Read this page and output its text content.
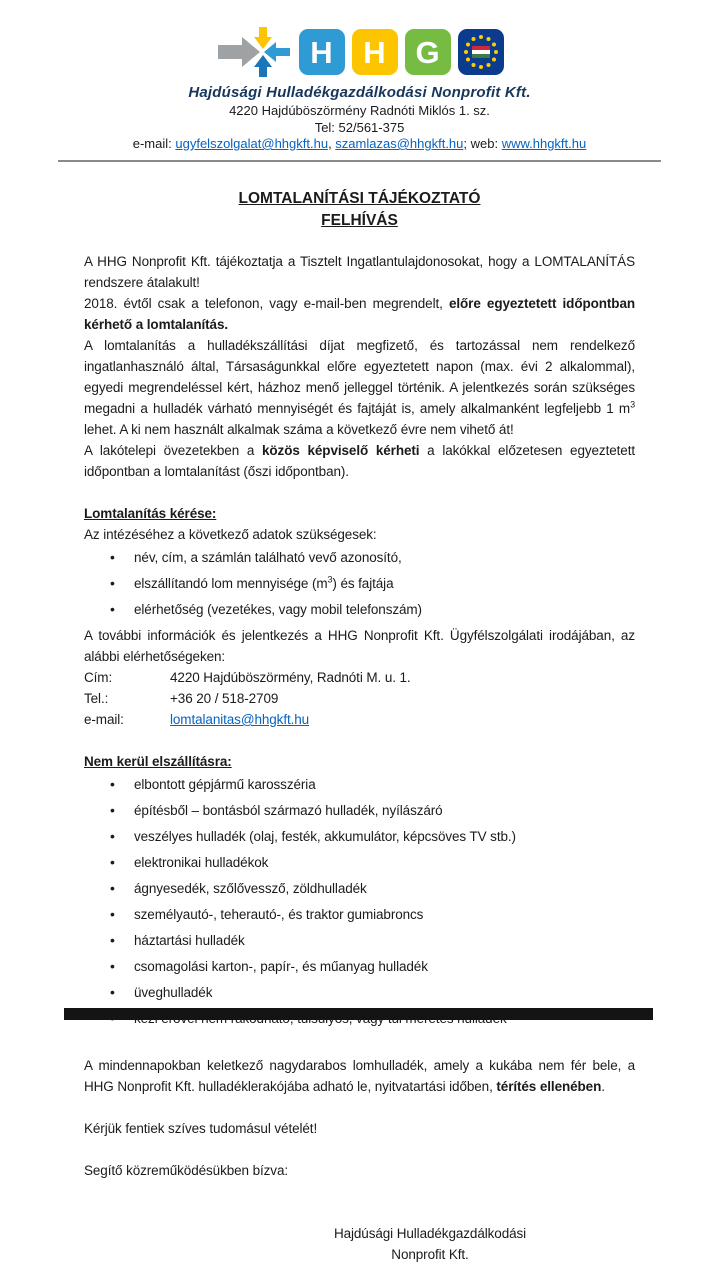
H H G
Hajdúsági Hulladékgazdálkodási Nonprofit Kft.
4220 Hajdúböszörmény Radnóti Miklós 1. sz.
Tel: 52/561-375
e-mail: ugyfelszolgalat@hhgkft.hu, szamlazas@hhgkft.hu; web: www.hhgkft.hu
LOMTALANÍTÁSI TÁJÉKOZTATÓ
FELHÍVÁS
A HHG Nonprofit Kft. tájékoztatja a Tisztelt Ingatlantulajdonosokat, hogy a LOMTALANÍTÁS rendszere átalakult!
2018. évtől csak a telefonon, vagy e-mail-ben megrendelt, előre egyeztetett időpontban kérhető a lomtalanítás.
A lomtalanítás a hulladékszállítási díjat megfizető, és tartozással nem rendelkező ingatlanhasználó által, Társaságunkkal előre egyeztetett napon (max. évi 2 alkalommal), egyedi megrendeléssel kért, házhoz menő jelleggel történik. A jelentkezés során szükséges megadni a hulladék várható mennyiségét és fajtáját is, amely alkalmanként legfeljebb 1 $m^3$ lehet. A ki nem használt alkalmak száma a következő évre nem vihető át!
A lakótelepi övezetekben a közös képviselő kérheti a lakókkal előzetesen egyeztetett időpontban a lomtalanítást (őszi időpontban).
Lomtalanítás kérése:
Az intézéséhez a következő adatok szükségesek:
• név, cím, a számlán található vevő azonosító,
• elszállítandó lom mennyisége $(m^3)$ és fajtája
• elérhetőség (vezetékes, vagy mobil telefonszám)
A további információk és jelentkezés a HHG Nonprofit Kft. Ügyfélszolgálati irodájában, az alábbi elérhetőségeken:
Cím:	4220 Hajdúböszörmény, Radnóti M. u. 1.
Tel.:	+36 20 / 518-2709
e-mail:	lomtalanitas@hhgkft.hu
Nem kerül elszállításra:
• elbontott gépjármű karosszéria
• építésből – bontásból származó hulladék, nyílászáró
• veszélyes hulladék (olaj, festék, akkumulátor, képcsöves TV stb.)
• elektronikai hulladékok
• ágnyesedék, szőlővessző, zöldhulladék
• személyautó-, teherautó-, és traktor gumiabroncs
• háztartási hulladék
• csomagolási karton-, papír-, és műanyag hulladék
• üveghulladék
•
A mindennapokban keletkező nagydarabos lomhulladék, amely a kukába nem fér bele, a HHG Nonprofit Kft. hulladéklerakójába adható le, nyitvatartási időben, térítés ellenében.
Kérjük fentiek szíves tudomásul vételét!
Segítő közreműködésükben bízva:
Hajdúsági Hulladékgazdálkodási
Nonprofit Kft.
